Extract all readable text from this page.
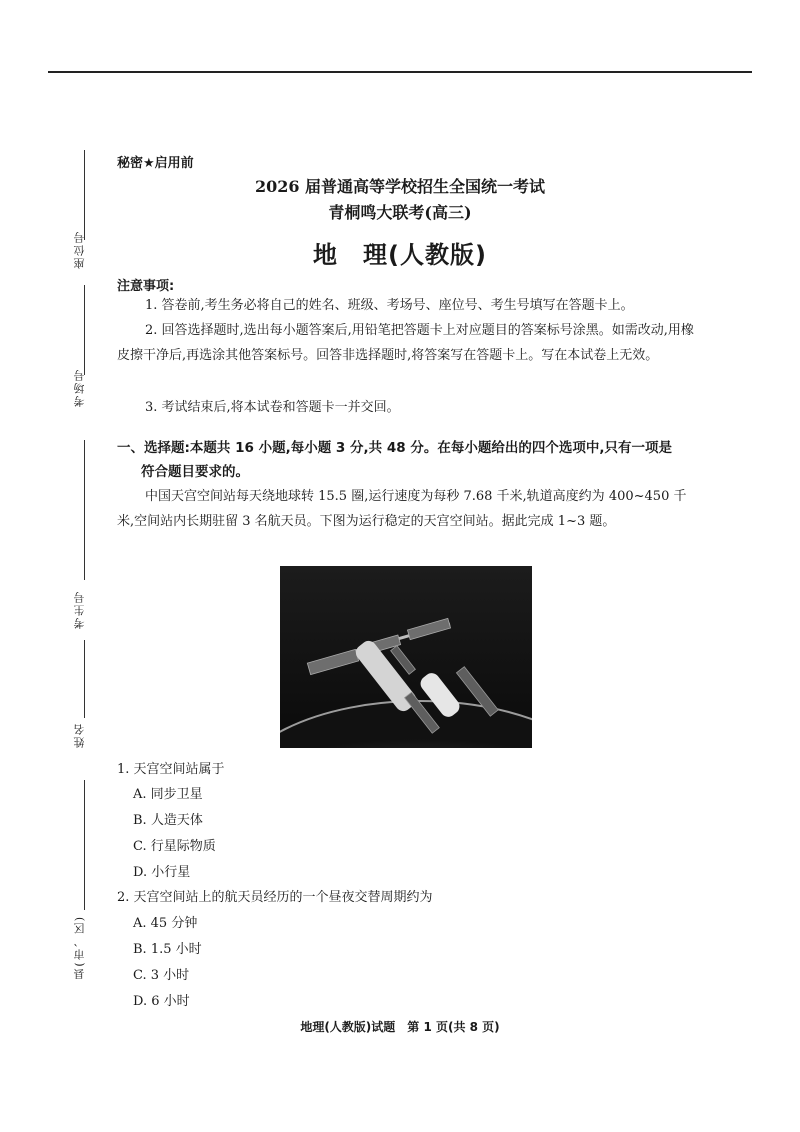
座位号
考场号
考生号
姓名
县(市、区)
秘密★启用前
2026 届普通高等学校招生全国统一考试
青桐鸣大联考(高三)
地　理(人教版)
注意事项:
1. 答卷前,考生务必将自己的姓名、班级、考场号、座位号、考生号填写在答题卡上。
2. 回答选择题时,选出每小题答案后,用铅笔把答题卡上对应题目的答案标号涂黑。如需改动,用橡皮擦干净后,再选涂其他答案标号。回答非选择题时,将答案写在答题卡上。写在本试卷上无效。
3. 考试结束后,将本试卷和答题卡一并交回。
一、选择题:本题共 16 小题,每小题 3 分,共 48 分。在每小题给出的四个选项中,只有一项是
符合题目要求的。
中国天宫空间站每天绕地球转 15.5 圈,运行速度为每秒 7.68 千米,轨道高度约为 400~450 千米,空间站内长期驻留 3 名航天员。下图为运行稳定的天宫空间站。据此完成 1~3 题。
1. 天宫空间站属于
A. 同步卫星
B. 人造天体
C. 行星际物质
D. 小行星
2. 天宫空间站上的航天员经历的一个昼夜交替周期约为
A. 45 分钟
B. 1.5 小时
C. 3 小时
D. 6 小时
地理(人教版)试题　第 1 页(共 8 页)
